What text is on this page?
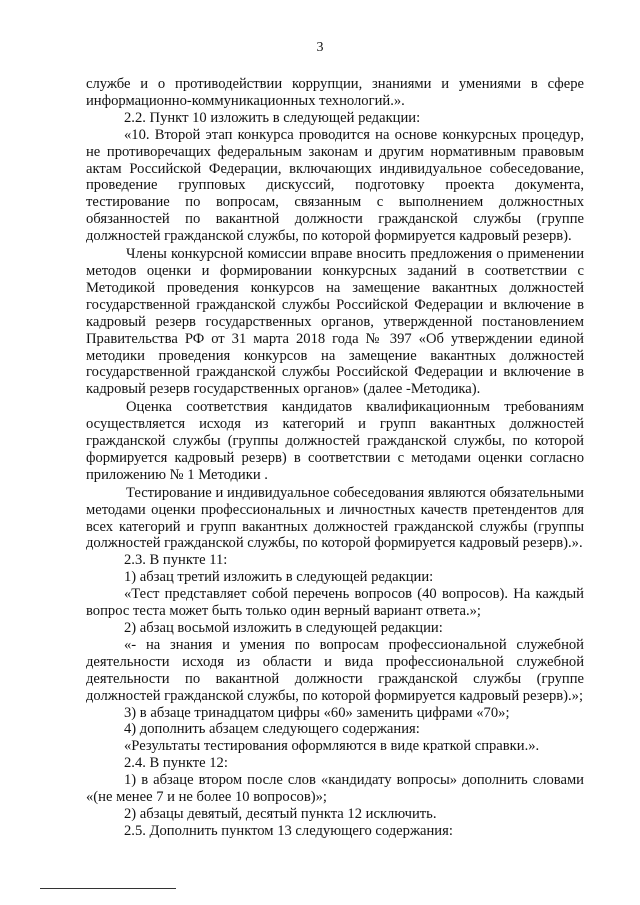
3

службе и о противодействии коррупции, знаниями и умениями в сфере информационно-коммуникационных технологий.».

2.2. Пункт 10 изложить в следующей редакции:

«10. Второй этап конкурса проводится на основе конкурсных процедур, не противоречащих федеральным законам и другим нормативным правовым актам Российской Федерации, включающих индивидуальное собеседование, проведение групповых дискуссий, подготовку проекта документа, тестирование по вопросам, связанным с выполнением должностных обязанностей по вакантной должности гражданской службы (группе должностей гражданской службы, по которой формируется кадровый резерв).

Члены конкурсной комиссии вправе вносить предложения о применении методов оценки и формировании конкурсных заданий в соответствии с Методикой проведения конкурсов на замещение вакантных должностей государственной гражданской службы Российской Федерации и включение в кадровый резерв государственных органов, утвержденной постановлением Правительства РФ от 31 марта 2018 года № 397 «Об утверждении единой методики проведения конкурсов на замещение вакантных должностей государственной гражданской службы Российской Федерации и включение в кадровый резерв государственных органов» (далее -Методика).

Оценка соответствия кандидатов квалификационным требованиям осуществляется исходя из категорий и групп вакантных должностей гражданской службы (группы должностей гражданской службы, по которой формируется кадровый резерв) в соответствии с методами оценки согласно приложению № 1 Методики .

Тестирование и индивидуальное собеседования являются обязательными методами оценки профессиональных и личностных качеств претендентов для всех категорий и групп вакантных должностей гражданской службы (группы должностей гражданской службы, по которой формируется кадровый резерв).».

2.3. В пункте 11:

1) абзац третий изложить в следующей редакции:

«Тест представляет собой перечень вопросов (40 вопросов). На каждый вопрос теста может быть только один верный вариант ответа.»;

2) абзац восьмой изложить в следующей редакции:

«- на знания и умения по вопросам профессиональной служебной деятельности исходя из области и вида профессиональной служебной деятельности по вакантной должности гражданской службы (группе должностей гражданской службы, по которой формируется кадровый резерв).»;

3) в абзаце тринадцатом цифры «60» заменить цифрами «70»;

4) дополнить абзацем следующего содержания:

«Результаты тестирования оформляются в виде краткой справки.».

2.4. В пункте 12:

1) в абзаце втором после слов «кандидату вопросы» дополнить словами «(не менее 7 и не более 10 вопросов)»;

2) абзацы девятый, десятый пункта 12 исключить.

2.5. Дополнить пунктом 13 следующего содержания:
